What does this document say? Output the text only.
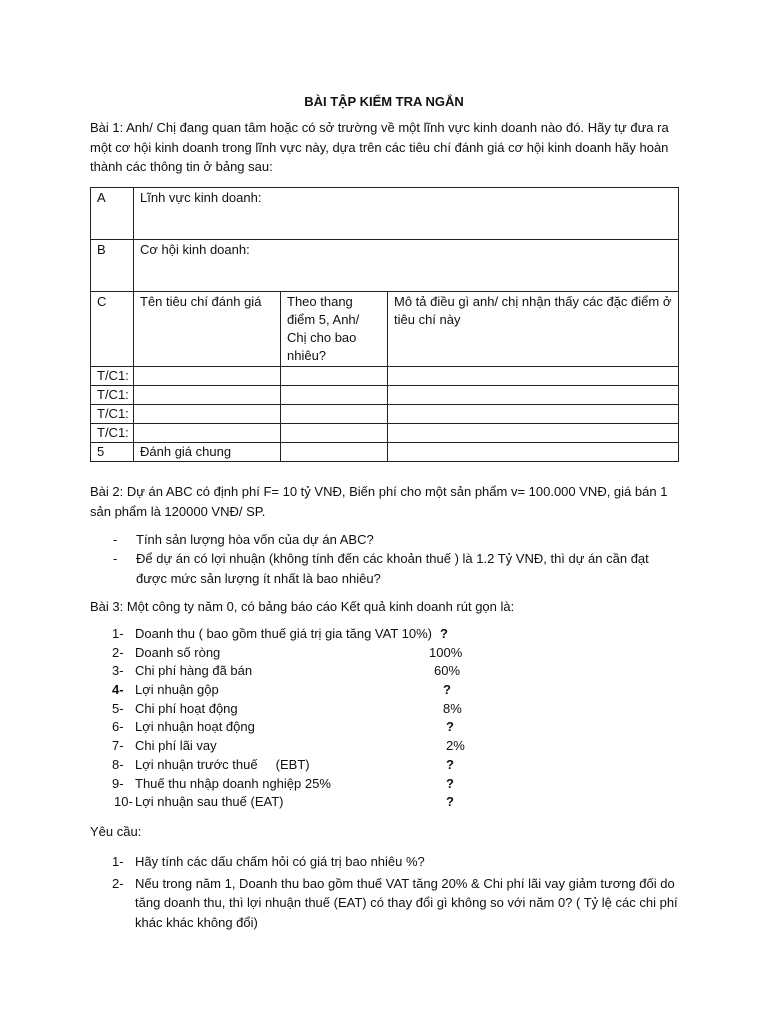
BÀI TẬP KIỂM TRA NGẮN
Bài 1: Anh/ Chị đang quan tâm hoặc có sở trường về một lĩnh vực kinh doanh nào đó. Hãy tự đưa ra một cơ hội kinh doanh trong lĩnh vực này, dựa trên các tiêu chí đánh giá cơ hội kinh doanh hãy hoàn thành các thông tin ở bảng sau:
A	Lĩnh vực kinh doanh:		
B	Cơ hội kinh doanh:		
C	Tên tiêu chí đánh giá	Theo thang điểm 5, Anh/ Chị cho bao nhiêu?	Mô tả điều gì anh/ chị nhận thấy các đặc điểm ở tiêu chí này
T/C1:			
T/C1:			
T/C1:			
T/C1:			
5	Đánh giá chung		
Bài 2: Dự án ABC có định phí F= 10 tỷ VNĐ, Biến phí cho một sản phẩm v= 100.000 VNĐ, giá bán 1 sản phẩm là 120000 VNĐ/ SP.
- Tính sản lượng hòa vốn của dự án ABC?
- Để dự án có lợi nhuận (không tính đến các khoản thuế ) là 1.2 Tỷ VNĐ, thì dự án cần đạt được mức sản lượng ít nhất là bao nhiêu?
Bài 3: Một công ty năm 0, có bảng báo cáo Kết quả kinh doanh rút gọn là:
1- Doanh thu ( bao gồm thuế giá trị gia tăng VAT 10%) ?
2- Doanh số ròng	100%
3- Chi phí hàng đã bán	60%
4- Lợi nhuận gộp	?
5- Chi phí hoạt động	8%
6- Lợi nhuận hoạt động	?
7- Chi phí lãi vay	2%
8- Lợi nhuận trước thuế     (EBT)	?
9- Thuế thu nhập doanh nghiệp 25%	?
10- Lợi nhuận sau thuế (EAT)	?
Yêu cầu:
1- Hãy tính các dấu chấm hỏi có giá trị bao nhiêu %?
2- Nếu trong năm 1, Doanh thu bao gồm thuế VAT tăng 20% & Chi phí lãi vay giảm tương đối do tăng doanh thu, thì lợi nhuận thuế (EAT) có thay đổi gì không so với năm 0? ( Tỷ lệ các chi phí khác khác không đổi)
